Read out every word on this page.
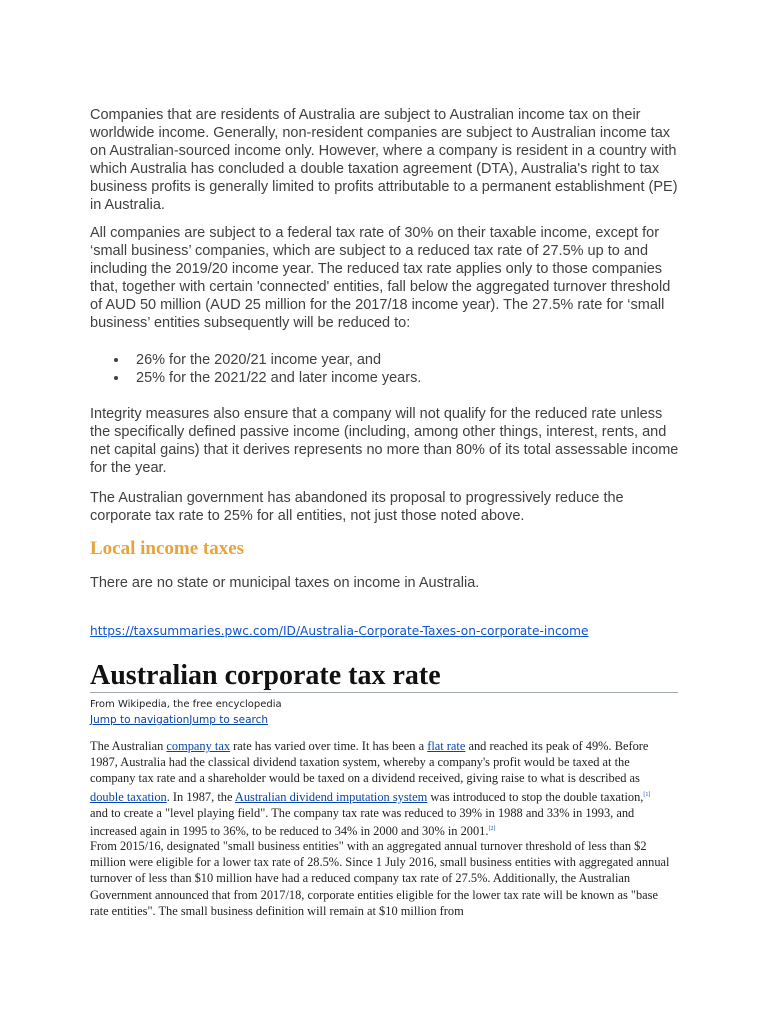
Companies that are residents of Australia are subject to Australian income tax on their worldwide income. Generally, non-resident companies are subject to Australian income tax on Australian-sourced income only. However, where a company is resident in a country with which Australia has concluded a double taxation agreement (DTA), Australia's right to tax business profits is generally limited to profits attributable to a permanent establishment (PE) in Australia.

All companies are subject to a federal tax rate of 30% on their taxable income, except for ‘small business’ companies, which are subject to a reduced tax rate of 27.5% up to and including the 2019/20 income year. The reduced tax rate applies only to those companies that, together with certain 'connected' entities, fall below the aggregated turnover threshold of AUD 50 million (AUD 25 million for the 2017/18 income year). The 27.5% rate for ‘small business’ entities subsequently will be reduced to:

26% for the 2020/21 income year, and
25% for the 2021/22 and later income years.

Integrity measures also ensure that a company will not qualify for the reduced rate unless the specifically defined passive income (including, among other things, interest, rents, and net capital gains) that it derives represents no more than 80% of its total assessable income for the year.

The Australian government has abandoned its proposal to progressively reduce the corporate tax rate to 25% for all entities, not just those noted above.

Local income taxes

There are no state or municipal taxes on income in Australia.

https://taxsummaries.pwc.com/ID/Australia-Corporate-Taxes-on-corporate-income
Australian corporate tax rate

From Wikipedia, the free encyclopedia

Jump to navigationJump to search

The Australian company tax rate has varied over time. It has been a flat rate and reached its peak of 49%. Before 1987, Australia had the classical dividend taxation system, whereby a company's profit would be taxed at the company tax rate and a shareholder would be taxed on a dividend received, giving raise to what is described as double taxation. In 1987, the Australian dividend imputation system was introduced to stop the double taxation,[1] and to create a "level playing field". The company tax rate was reduced to 39% in 1988 and 33% in 1993, and increased again in 1995 to 36%, to be reduced to 34% in 2000 and 30% in 2001.[2]

From 2015/16, designated "small business entities" with an aggregated annual turnover threshold of less than $2 million were eligible for a lower tax rate of 28.5%. Since 1 July 2016, small business entities with aggregated annual turnover of less than $10 million have had a reduced company tax rate of 27.5%. Additionally, the Australian Government announced that from 2017/18, corporate entities eligible for the lower tax rate will be known as "base rate entities". The small business definition will remain at $10 million from
